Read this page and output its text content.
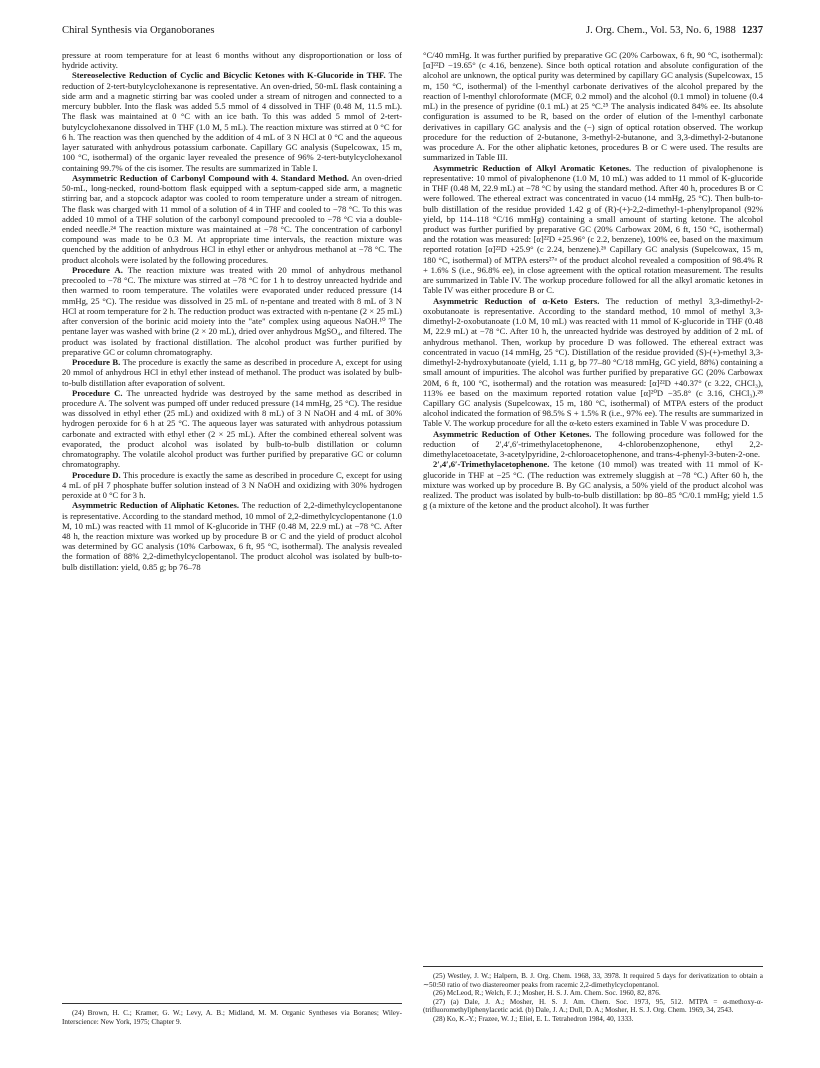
Chiral Synthesis via Organoboranes	J. Org. Chem., Vol. 53, No. 6, 1988 1237

pressure at room temperature for at least 6 months without any disproportionation or loss of hydride activity.

Stereoselective Reduction of Cyclic and Bicyclic Ketones with K-Glucoride in THF. The reduction of 2-tert-butylcyclohexanone is representative. An oven-dried, 50-mL flask containing a side arm and a magnetic stirring bar was cooled under a stream of nitrogen and connected to a mercury bubbler. Into the flask was added 5.5 mmol of 4 dissolved in THF (0.48 M, 11.5 mL). The flask was maintained at 0 °C with an ice bath. To this was added 5 mmol of 2-tert-butylcyclohexanone dissolved in THF (1.0 M, 5 mL). The reaction mixture was stirred at 0 °C for 6 h. The reaction was then quenched by the addition of 4 mL of 3 N HCl at 0 °C and the aqueous layer saturated with anhydrous potassium carbonate. Capillary GC analysis (Supelcowax, 15 m, 100 °C, isothermal) of the organic layer revealed the presence of 96% 2-tert-butylcyclohexanol containing 99.7% of the cis isomer. The results are summarized in Table I.

Asymmetric Reduction of Carbonyl Compound with 4. Standard Method. An oven-dried 50-mL, long-necked, round-bottom flask equipped with a septum-capped side arm, a magnetic stirring bar, and a stopcock adaptor was cooled to room temperature under a stream of nitrogen. The flask was charged with 11 mmol of a solution of 4 in THF and cooled to −78 °C. To this was added 10 mmol of a THF solution of the carbonyl compound precooled to −78 °C via a double-ended needle.²⁴ The reaction mixture was maintained at −78 °C. The concentration of carbonyl compound was made to be 0.3 M. At appropriate time intervals, the reaction mixture was quenched by the addition of anhydrous HCl in ethyl ether or anhydrous methanol at −78 °C. The product alcohols were isolated by the following procedures.

Procedure A. The reaction mixture was treated with 20 mmol of anhydrous methanol precooled to −78 °C. The mixture was stirred at −78 °C for 1 h to destroy unreacted hydride and then warmed to room temperature. The volatiles were evaporated under reduced pressure (14 mmHg, 25 °C). The residue was dissolved in 25 mL of n-pentane and treated with 8 mL of 3 N HCl at room temperature for 2 h. The reduction product was extracted with n-pentane (2 × 25 mL) after conversion of the borinic acid moiety into the "ate" complex using aqueous NaOH.¹⁰ The pentane layer was washed with brine (2 × 20 mL), dried over anhydrous MgSO₄, and filtered. The product was isolated by fractional distillation. The alcohol product was further purified by preparative GC or column chromatography.

Procedure B. The procedure is exactly the same as described in procedure A, except for using 20 mmol of anhydrous HCl in ethyl ether instead of methanol. The product was isolated by bulb-to-bulb distillation after evaporation of solvent.

Procedure C. The unreacted hydride was destroyed by the same method as described in procedure A. The solvent was pumped off under reduced pressure (14 mmHg, 25 °C). The residue was dissolved in ethyl ether (25 mL) and oxidized with 8 mL) of 3 N NaOH and 4 mL of 30% hydrogen peroxide for 6 h at 25 °C. The aqueous layer was saturated with anhydrous potassium carbonate and extracted with ethyl ether (2 × 25 mL). After the combined ethereal solvent was evaporated, the product alcohol was isolated by bulb-to-bulb distillation or column chromatography. The volatile alcohol product was further purified by preparative GC or column chromatography.

Procedure D. This procedure is exactly the same as described in procedure C, except for using 4 mL of pH 7 phosphate buffer solution instead of 3 N NaOH and oxidizing with 30% hydrogen peroxide at 0 °C for 3 h.

Asymmetric Reduction of Aliphatic Ketones. The reduction of 2,2-dimethylcyclopentanone is representative. According to the standard method, 10 mmol of 2,2-dimethylcyclopentanone (1.0 M, 10 mL) was reacted with 11 mmol of K-glucoride in THF (0.48 M, 22.9 mL) at −78 °C. After 48 h, the reaction mixture was worked up by procedure B or C and the yield of product alcohol was determined by GC analysis (10% Carbowax, 6 ft, 95 °C, isothermal). The analysis revealed the formation of 88% 2,2-dimethylcyclopentanol. The product alcohol was isolated by bulb-to-bulb distillation: yield, 0.85 g; bp 76–78

(24) Brown, H. C.; Kramer, G. W.; Levy, A. B.; Midland, M. M. Organic Syntheses via Boranes; Wiley-Interscience: New York, 1975; Chapter 9.

°C/40 mmHg. It was further purified by preparative GC (20% Carbowax, 6 ft, 90 °C, isothermal): [α]²²D −19.65° (c 4.16, benzene). Since both optical rotation and absolute configuration of the alcohol are unknown, the optical purity was determined by capillary GC analysis (Supelcowax, 15 m, 150 °C, isothermal) of the l-menthyl carbonate derivatives of the alcohol prepared by the reaction of l-menthyl chloroformate (MCF, 0.2 mmol) and the alcohol (0.1 mmol) in toluene (0.4 mL) in the presence of pyridine (0.1 mL) at 25 °C.²⁵ The analysis indicated 84% ee. Its absolute configuration is assumed to be R, based on the order of elution of the l-menthyl carbonate derivatives in capillary GC analysis and the (−) sign of optical rotation observed. The workup procedure for the reduction of 2-butanone, 3-methyl-2-butanone, and 3,3-dimethyl-2-butanone was procedure A. For the other aliphatic ketones, procedures B or C were used. The results are summarized in Table III.

Asymmetric Reduction of Alkyl Aromatic Ketones. The reduction of pivalophenone is representative: 10 mmol of pivalophenone (1.0 M, 10 mL) was added to 11 mmol of K-glucoride in THF (0.48 M, 22.9 mL) at −78 °C by using the standard method. After 40 h, procedures B or C were followed. The ethereal extract was concentrated in vacuo (14 mmHg, 25 °C). Then bulb-to-bulb distillation of the residue provided 1.42 g of (R)-(+)-2,2-dimethyl-1-phenylpropanol (92% yield, bp 114–118 °C/16 mmHg) containing a small amount of starting ketone. The alcohol product was further purified by preparative GC (20% Carbowax 20M, 6 ft, 150 °C, isothermal) and the rotation was measured: [α]²²D +25.96° (c 2.2, benzene), 100% ee, based on the maximum reported rotation [α]²²D +25.9° (c 2.24, benzene).²⁶ Capillary GC analysis (Supelcowax, 15 m, 180 °C, isothermal) of MTPA esters²⁷ᵃ of the product alcohol revealed a composition of 98.4% R + 1.6% S (i.e., 96.8% ee), in close agreement with the optical rotation measurement. The results are summarized in Table IV. The workup procedure followed for all the alkyl aromatic ketones in Table IV was either procedure B or C.

Asymmetric Reduction of α-Keto Esters. The reduction of methyl 3,3-dimethyl-2-oxobutanoate is representative. According to the standard method, 10 mmol of methyl 3,3-dimethyl-2-oxobutanoate (1.0 M, 10 mL) was reacted with 11 mmol of K-glucoride in THF (0.48 M, 22.9 mL) at −78 °C. After 10 h, the unreacted hydride was destroyed by addition of 2 mL of anhydrous methanol. Then, workup by procedure D was followed. The ethereal extract was concentrated in vacuo (14 mmHg, 25 °C). Distillation of the residue provided (S)-(+)-methyl 3,3-dimethyl-2-hydroxybutanoate (yield, 1.11 g, bp 77–80 °C/18 mmHg, GC yield, 88%) containing a small amount of impurities. The alcohol was further purified by preparative GC (20% Carbowax 20M, 6 ft, 100 °C, isothermal) and the rotation was measured: [α]²²D +40.37° (c 3.22, CHCl₃), 113% ee based on the maximum reported rotation value [α]²⁰D −35.8° (c 3.16, CHCl₃).²⁸ Capillary GC analysis (Supelcowax, 15 m, 180 °C, isothermal) of MTPA esters of the product alcohol indicated the formation of 98.5% S + 1.5% R (i.e., 97% ee). The results are summarized in Table V. The workup procedure for all the α-keto esters examined in Table V was procedure D.

Asymmetric Reduction of Other Ketones. The following procedure was followed for the reduction of 2′,4′,6′-trimethylacetophenone, 4-chlorobenzophenone, ethyl 2,2-dimethylacetoacetate, 3-acetylpyridine, 2-chloroacetophenone, and trans-4-phenyl-3-buten-2-one.

2′,4′,6′-Trimethylacetophenone. The ketone (10 mmol) was treated with 11 mmol of K-glucoride in THF at −25 °C. (The reduction was extremely sluggish at −78 °C.) After 60 h, the mixture was worked up by procedure B. By GC analysis, a 50% yield of the product alcohol was realized. The product was isolated by bulb-to-bulb distillation: bp 80–85 °C/0.1 mmHg; yield 1.5 g (a mixture of the ketone and the product alcohol). It was further

(25) Westley, J. W.; Halpern, B. J. Org. Chem. 1968, 33, 3978. It required 5 days for derivatization to obtain a ∼50:50 ratio of two diastereomer peaks from racemic 2,2-dimethylcyclopentanol.

(26) McLeod, R.; Welch, F. J.; Mosher, H. S. J. Am. Chem. Soc. 1960, 82, 876.

(27) (a) Dale, J. A.; Mosher, H. S. J. Am. Chem. Soc. 1973, 95, 512. MTPA = α-methoxy-α-(trifluoromethyl)phenylacetic acid. (b) Dale, J. A.; Dull, D. A.; Mosher, H. S. J. Org. Chem. 1969, 34, 2543.

(28) Ko, K.-Y.; Frazee, W. J.; Eliel, E. L. Tetrahedron 1984, 40, 1333.
